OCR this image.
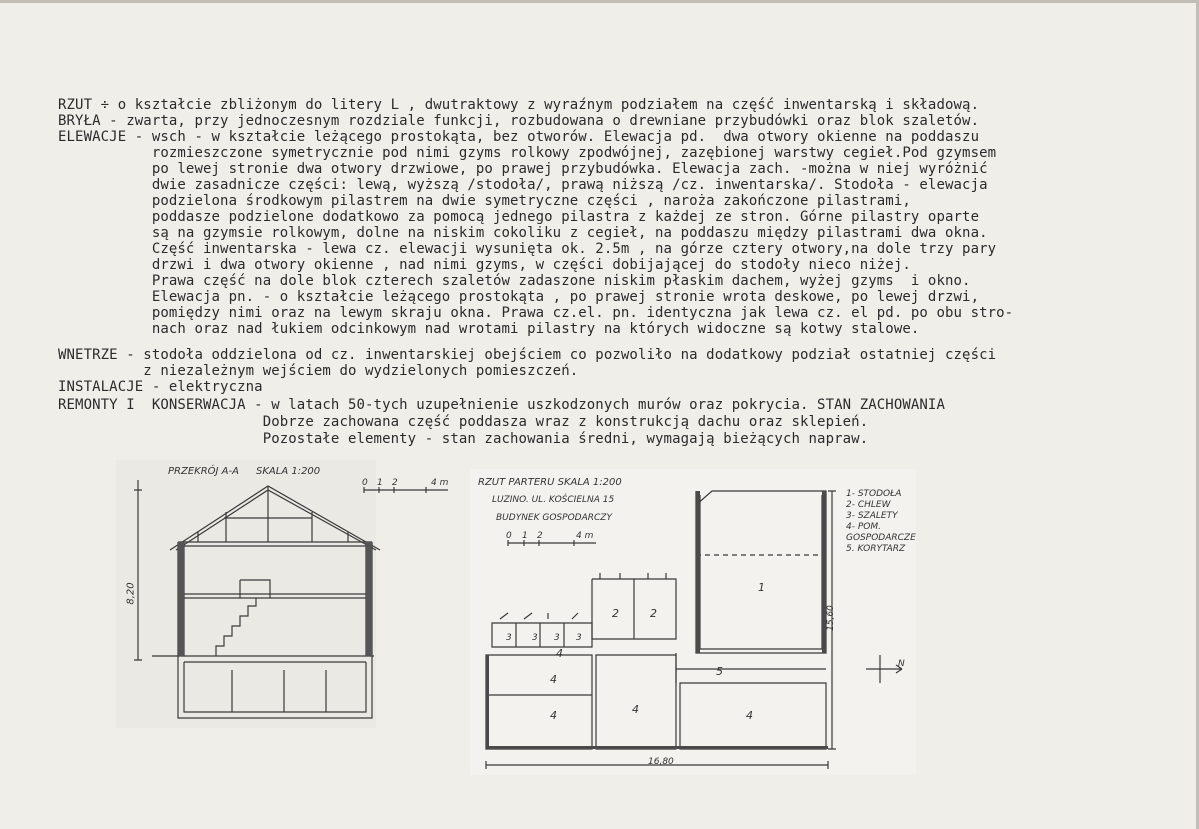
RZUT ÷ o kształcie zbliżonym do litery L , dwutraktowy z wyraźnym podziałem na część inwentarską i składową.
BRYŁA - zwarta, przy jednoczesnym rozdziale funkcji, rozbudowana o drewniane przybudówki oraz blok szaletów.
ELEWACJE - wsch - w kształcie leżącego prostokąta, bez otworów. Elewacja pd.  dwa otwory okienne na poddaszu
rozmieszczone symetrycznie pod nimi gzyms rolkowy zpodwójnej, zazębionej warstwy cegieł.Pod gzymsem
po lewej stronie dwa otwory drzwiowe, po prawej przybudówka. Elewacja zach. -można w niej wyróżnić
dwie zasadnicze części: lewą, wyższą /stodoła/, prawą niższą /cz. inwentarska/. Stodoła - elewacja
podzielona środkowym pilastrem na dwie symetryczne części , naroża zakończone pilastrami,
poddasze podzielone dodatkowo za pomocą jednego pilastra z każdej ze stron. Górne pilastry oparte
są na gzymsie rolkowym, dolne na niskim cokoliku z cegieł, na poddaszu między pilastrami dwa okna.
Część inwentarska - lewa cz. elewacji wysunięta ok. 2.5m , na górze cztery otwory,na dole trzy pary
drzwi i dwa otwory okienne , nad nimi gzyms, w części dobijającej do stodoły nieco niżej.
Prawa część na dole blok czterech szaletów zadaszone niskim płaskim dachem, wyżej gzyms  i okno.
Elewacja pn. - o kształcie leżącego prostokąta , po prawej stronie wrota deskowe, po lewej drzwi,
pomiędzy nimi oraz na lewym skraju okna. Prawa cz.el. pn. identyczna jak lewa cz. el pd. po obu stro-
nach oraz nad łukiem odcinkowym nad wrotami pilastry na których widoczne są kotwy stalowe.
WNETRZE - stodoła oddzielona od cz. inwentarskiej obejściem co pozwoliło na dodatkowy podział ostatniej części
z niezależnym wejściem do wydzielonych pomieszczeń.
INSTALACJE - elektryczna
REMONTY I  KONSERWACJA - w latach 50-tych uzupełnienie uszkodzonych murów oraz pokrycia. STAN ZACHOWANIA
Dobrze zachowana część poddasza wraz z konstrukcją dachu oraz sklepień.
Pozostałe elementy - stan zachowania średni, wymagają bieżących napraw.
PRZEKRÓJ A-A SKALA 1:200
0 1 2	4 m
8,20
RZUT PARTERU SKALA 1:200
LUZINO. UL. KOŚCIELNA 15
BUDYNEK GOSPODARCZY
0 1 2	4 m
1- STODOŁA
2- CHLEW
3- SZALETY
4- POM.
GOSPODARCZE
5. KORYTARZ
1
2	2
3 3 3 3
4
4	4
4
4
5
16,80
15,60
N
